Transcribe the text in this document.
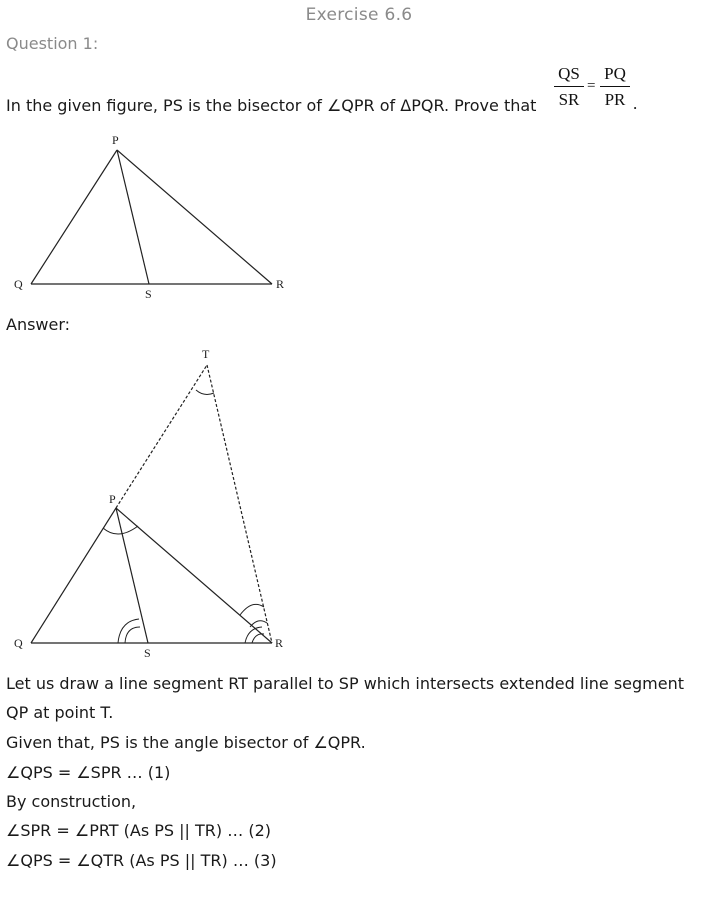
Exercise 6.6
Question 1:
In the given figure, PS is the bisector of ∠QPR of ΔPQR. Prove that
QS
SR
=
PQ
PR .
P
Q
S
R
Answer:
T
P
Q
S
R
Let us draw a line segment RT parallel to SP which intersects extended line segment
QP at point T.
Given that, PS is the angle bisector of ∠QPR.
∠QPS = ∠SPR … (1)
By construction,
∠SPR = ∠PRT (As PS || TR) … (2)
∠QPS = ∠QTR (As PS || TR) … (3)
